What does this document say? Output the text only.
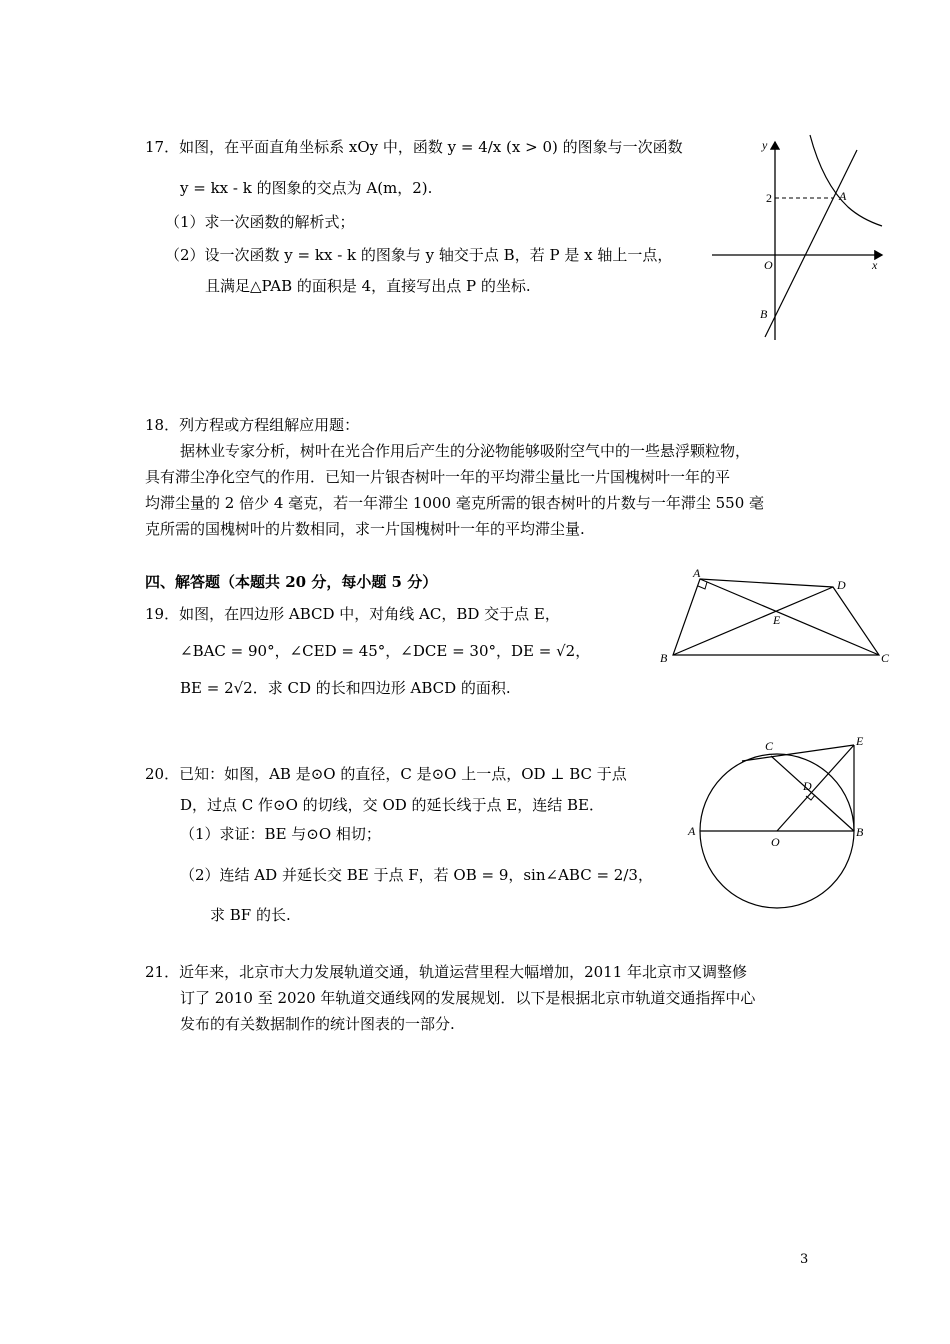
17．如图，在平面直角坐标系 xOy 中，函数 y = 4/x (x > 0) 的图象与一次函数
y = kx - k 的图象的交点为 A(m，2).
（1）求一次函数的解析式；
（2）设一次函数 y = kx - k 的图象与 y 轴交于点 B，若 P 是 x 轴上一点，
且满足△PAB 的面积是 4，直接写出点 P 的坐标.
y
x
O
A
B
2
18．列方程或方程组解应用题：
据林业专家分析，树叶在光合作用后产生的分泌物能够吸附空气中的一些悬浮颗粒物，
具有滞尘净化空气的作用．已知一片银杏树叶一年的平均滞尘量比一片国槐树叶一年的平
均滞尘量的 2 倍少 4 毫克，若一年滞尘 1000 毫克所需的银杏树叶的片数与一年滞尘 550 毫
克所需的国槐树叶的片数相同，求一片国槐树叶一年的平均滞尘量.
四、解答题（本题共 20 分，每小题 5 分）
19．如图，在四边形 ABCD 中，对角线 AC，BD 交于点 E，
∠BAC = 90°，∠CED = 45°，∠DCE = 30°，DE = √2，
BE = 2√2．求 CD 的长和四边形 ABCD 的面积.
A
D
E
B	C
20．已知：如图，AB 是⊙O 的直径，C 是⊙O 上一点，OD ⊥ BC 于点
D，过点 C 作⊙O 的切线，交 OD 的延长线于点 E，连结 BE．
（1）求证：BE 与⊙O 相切；
（2）连结 AD 并延长交 BE 于点 F，若 OB = 9，sin∠ABC = 2/3，
求 BF 的长.
C	E
D
A	B
O
21．近年来，北京市大力发展轨道交通，轨道运营里程大幅增加，2011 年北京市又调整修
订了 2010 至 2020 年轨道交通线网的发展规划．以下是根据北京市轨道交通指挥中心
发布的有关数据制作的统计图表的一部分.
3
